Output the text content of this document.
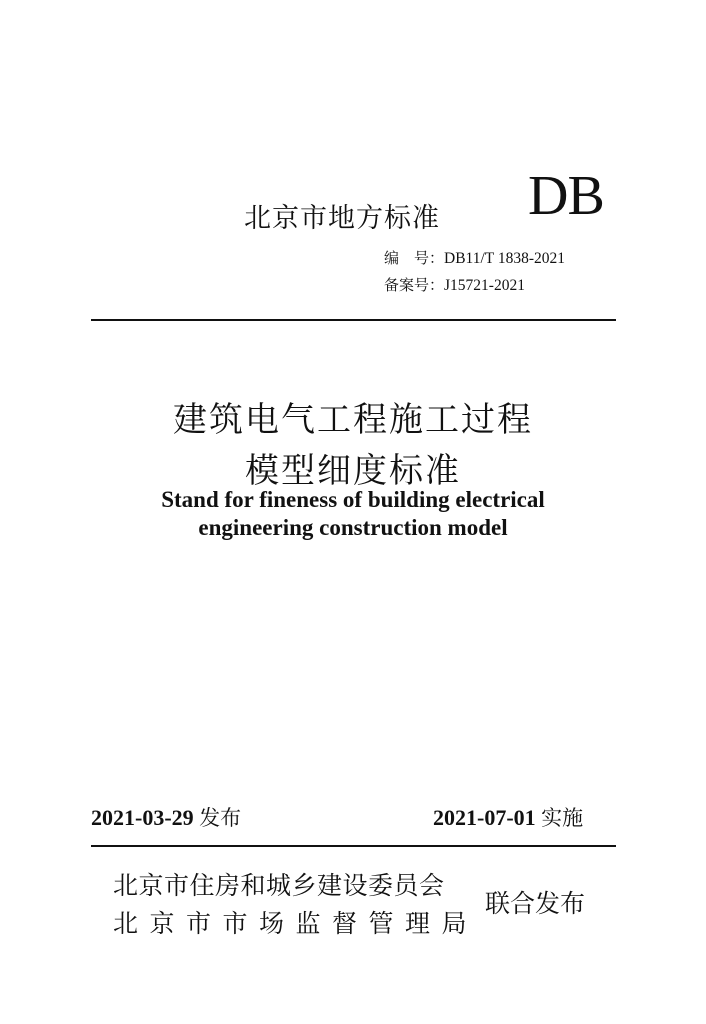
北京市地方标准 DB
编　号：DB11/T 1838-2021
备案号：J15721-2021
建筑电气工程施工过程
模型细度标准
Stand for fineness of building electrical
engineering construction model
2021-03-29 发布	2021-07-01 实施
北京市住房和城乡建设委员会
北京市市场监督管理局
联合发布
